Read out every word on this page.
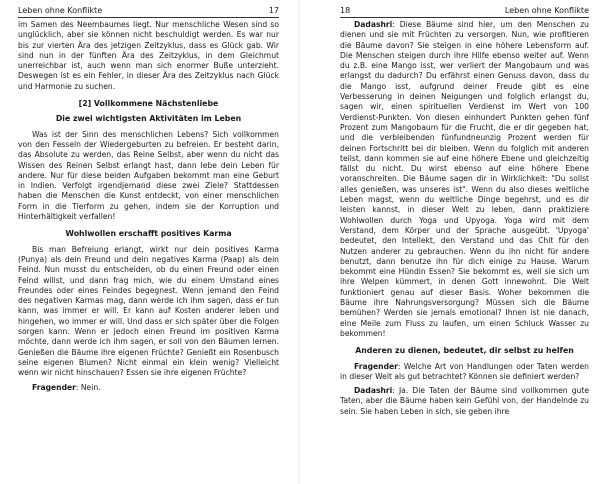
Leben ohne Konflikte	17

im Samen des Neembaumes liegt. Nur menschliche Wesen sind so unglücklich, aber sie können nicht beschuldigt werden. Es war nur bis zur vierten Ära des jetzigen Zeitzyklus, dass es Glück gab. Wir sind nun in der fünften Ära des Zeitzyklus, in dem Gleichmut unerreichbar ist, auch wenn man sich enormer Buße unterzieht. Deswegen ist es ein Fehler, in dieser Ära des Zeitzyklus nach Glück und Harmonie zu suchen.

[2] Vollkommene Nächstenliebe
Die zwei wichtigsten Aktivitäten im Leben

Was ist der Sinn des menschlichen Lebens? Sich vollkommen von den Fesseln der Wiedergeburten zu befreien. Er besteht darin, das Absolute zu werden, das Reine Selbst, aber wenn du nicht das Wissen des Reinen Selbst erlangt hast, dann lebe dein Leben für andere. Nur für diese beiden Aufgaben bekommt man eine Geburt in Indien. Verfolgt irgendjemand diese zwei Ziele? Stattdessen haben die Menschen die Kunst entdeckt, von einer menschlichen Form in die Tierform zu gehen, indem sie der Korruption und Hinterhältigkeit verfallen!

Wohlwollen erschafft positives Karma

Bis man Befreiung erlangt, wirkt nur dein positives Karma (Punya) als dein Freund und dein negatives Karma (Paap) als dein Feind. Nun musst du entscheiden, ob du einen Freund oder einen Feind willst, und dann frag mich, wie du einem Umstand eines Freundes oder eines Feindes begegnest. Wenn jemand den Feind des negativen Karmas mag, dann werde ich ihm sagen, dass er tun kann, was immer er will. Er kann auf Kosten anderer leben und hingehen, wo immer er will. Und dass er sich später über die Folgen sorgen kann. Wenn er jedoch einen Freund im positiven Karma möchte, dann werde ich ihm sagen, er soll von den Bäumen lernen. Genießen die Bäume ihre eigenen Früchte? Genießt ein Rosenbusch seine eigenen Blumen? Nicht einmal ein klein wenig? Vielleicht wenn wir nicht hinschauen? Essen sie ihre eigenen Früchte?

Fragender: Nein.

18	Leben ohne Konflikte

Dadashri: Diese Bäume sind hier, um den Menschen zu dienen und sie mit Früchten zu versorgen. Nun, wie profitieren die Bäume davon? Sie steigen in eine höhere Lebensform auf. Die Menschen steigen durch ihre Hilfe ebenso weiter auf. Wenn du z.B. eine Mango isst, wer verliert der Mangobaum und was erlangst du dadurch? Du erfährst einen Genuss davon, dass du die Mango isst, aufgrund deiner Freude gibt es eine Verbesserung in deinen Neigungen und folglich erlangst du, sagen wir, einen spirituellen Verdienst im Wert von 100 Verdienst-Punkten. Von diesen einhundert Punkten gehen fünf Prozent zum Mangobaum für die Frucht, die er dir gegeben hat, und die verbleibenden fünfundneunzig Prozent werden für deinen Fortschritt bei dir bleiben. Wenn du folglich mit anderen teilst, dann kommen sie auf eine höhere Ebene und gleichzeitig fällst du nicht. Du wirst ebenso auf eine höhere Ebene voranschreiten. Die Bäume sagen dir in Wirklichkeit: "Du sollst alles genießen, was unseres ist". Wenn du also dieses weltliche Leben magst, wenn du weltliche Dinge begehrst, und es dir leisten kannst, in dieser Welt zu leben, dann praktiziere Wohlwollen durch Yoga und Upyoga. Yoga wird mit dem Verstand, dem Körper und der Sprache ausgeübt. 'Upyoga' bedeutet, den Intellekt, den Verstand und das Chit für den Nutzen anderer zu gebrauchen. Wenn du ihn nicht für andere benutzt, dann benutze ihn für dich einige zu Hause. Warum bekommt eine Hündin Essen? Sie bekommt es, weil sie sich um ihre Welpen kümmert, in denen Gott innewohnt. Die Welt funktioniert genau auf dieser Basis. Woher bekommen die Bäume ihre Nahrungsversorgung? Müssen sich die Bäume bemühen? Werden sie jemals emotional? Ihnen ist nie danach, eine Meile zum Fluss zu laufen, um einen Schluck Wasser zu bekommen!

Anderen zu dienen, bedeutet, dir selbst zu helfen

Fragender: Welche Art von Handlungen oder Taten werden in dieser Welt als gut betrachtet? Können sie definiert werden?

Dadashri: Ja. Die Taten der Bäume sind vollkommen gute Taten, aber die Bäume haben kein Gefühl von, der Handelnde zu sein. Sie haben Leben in sich, sie geben ihre
